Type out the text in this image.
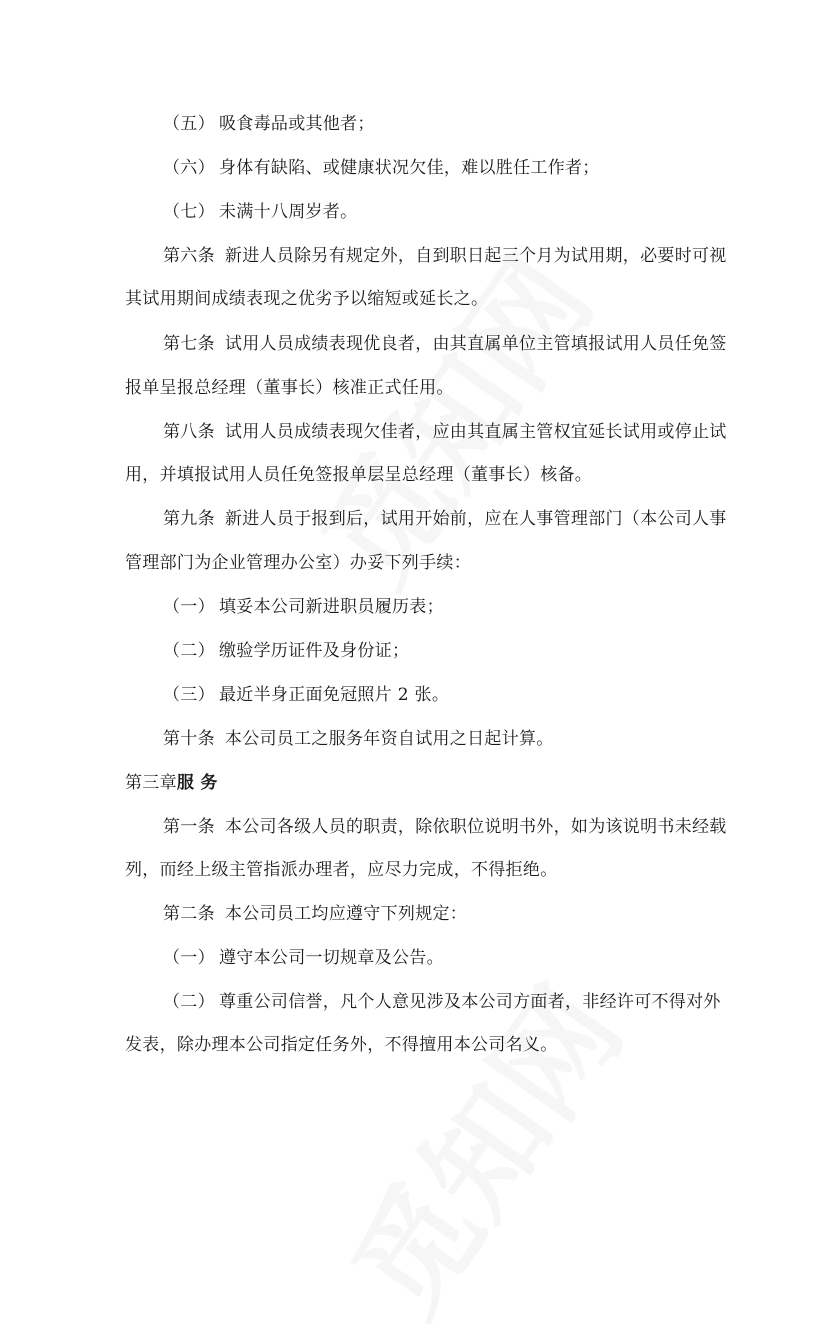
（五） 吸食毒品或其他者；
（六） 身体有缺陷、或健康状况欠佳，难以胜任工作者；
（七） 未满十八周岁者。
第六条 新进人员除另有规定外，自到职日起三个月为试用期，必要时可视
其试用期间成绩表现之优劣予以缩短或延长之。
第七条 试用人员成绩表现优良者，由其直属单位主管填报试用人员任免签
报单呈报总经理（董事长）核准正式任用。
第八条 试用人员成绩表现欠佳者，应由其直属主管权宜延长试用或停止试
用，并填报试用人员任免签报单层呈总经理（董事长）核备。
第九条 新进人员于报到后，试用开始前，应在人事管理部门（本公司人事
管理部门为企业管理办公室）办妥下列手续：
（一） 填妥本公司新进职员履历表；
（二） 缴验学历证件及身份证；
（三） 最近半身正面免冠照片 2 张。
第十条 本公司员工之服务年资自试用之日起计算。
第三章服 务
第一条 本公司各级人员的职责，除依职位说明书外，如为该说明书未经载
列，而经上级主管指派办理者，应尽力完成，不得拒绝。
第二条 本公司员工均应遵守下列规定：
（一） 遵守本公司一切规章及公告。
（二） 尊重公司信誉，凡个人意见涉及本公司方面者，非经许可不得对外
发表，除办理本公司指定任务外，不得擅用本公司名义。
